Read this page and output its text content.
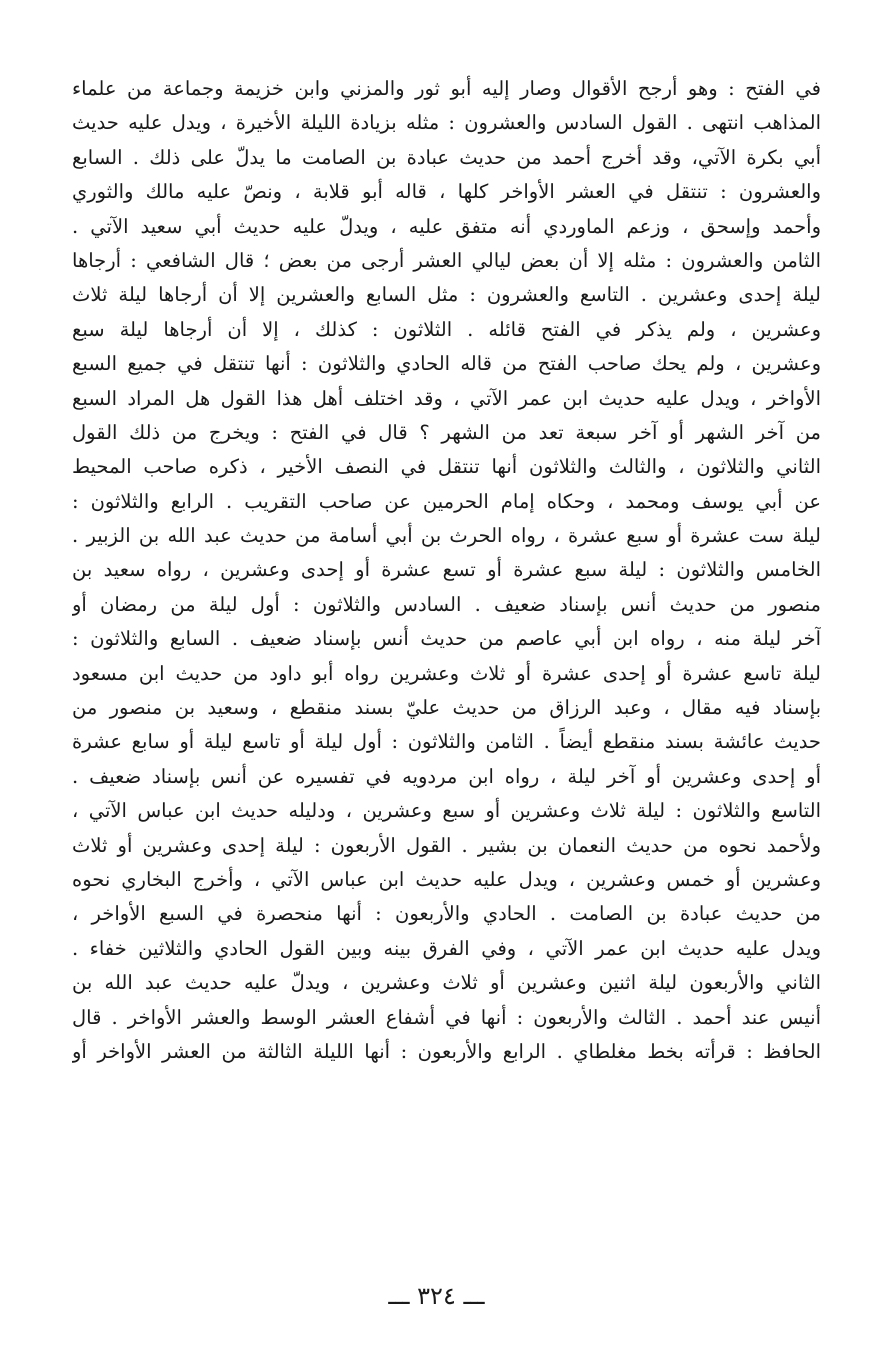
في الفتح : وهو أرجح الأقوال وصار إليه أبو ثور والمزني وابن خزيمة وجماعة من علماء
المذاهب انتهى . القول السادس والعشرون : مثله بزيادة الليلة الأخيرة ، ويدل عليه حديث
أبي بكرة الآتي، وقد أخرج أحمد من حديث عبادة بن الصامت ما يدلّ على ذلك . السابع
والعشرون : تنتقل في العشر الأواخر كلها ، قاله أبو قلابة ، ونصّ عليه مالك والثوري
وأحمد وإسحق ، وزعم الماوردي أنه متفق عليه ، ويدلّ عليه حديث أبي سعيد الآتي .
الثامن والعشرون : مثله إلا أن بعض ليالي العشر أرجى من بعض ؛ قال الشافعي : أرجاها
ليلة إحدى وعشرين . التاسع والعشرون : مثل السابع والعشرين إلا أن أرجاها ليلة ثلاث
وعشرين ، ولم يذكر في الفتح قائله . الثلاثون : كذلك ، إلا أن أرجاها ليلة سبع
وعشرين ، ولم يحك صاحب الفتح من قاله الحادي والثلاثون : أنها تنتقل في جميع السبع
الأواخر ، ويدل عليه حديث ابن عمر الآتي ، وقد اختلف أهل هذا القول هل المراد السبع
من آخر الشهر أو آخر سبعة تعد من الشهر ؟ قال في الفتح : ويخرج من ذلك القول
الثاني والثلاثون ، والثالث والثلاثون أنها تنتقل في النصف الأخير ، ذكره صاحب المحيط
عن أبي يوسف ومحمد ، وحكاه إمام الحرمين عن صاحب التقريب . الرابع والثلاثون :
ليلة ست عشرة أو سبع عشرة ، رواه الحرث بن أبي أسامة من حديث عبد الله بن الزبير .
الخامس والثلاثون : ليلة سبع عشرة أو تسع عشرة أو إحدى وعشرين ، رواه سعيد بن
منصور من حديث أنس بإسناد ضعيف . السادس والثلاثون : أول ليلة من رمضان أو
آخر ليلة منه ، رواه ابن أبي عاصم من حديث أنس بإسناد ضعيف . السابع والثلاثون :
ليلة تاسع عشرة أو إحدى عشرة أو ثلاث وعشرين رواه أبو داود من حديث ابن مسعود
بإسناد فيه مقال ، وعبد الرزاق من حديث عليّ بسند منقطع ، وسعيد بن منصور من
حديث عائشة بسند منقطع أيضاً . الثامن والثلاثون : أول ليلة أو تاسع ليلة أو سابع عشرة
أو إحدى وعشرين أو آخر ليلة ، رواه ابن مردويه في تفسيره عن أنس بإسناد ضعيف .
التاسع والثلاثون : ليلة ثلاث وعشرين أو سبع وعشرين ، ودليله حديث ابن عباس الآتي ،
ولأحمد نحوه من حديث النعمان بن بشير . القول الأربعون : ليلة إحدى وعشرين أو ثلاث
وعشرين أو خمس وعشرين ، ويدل عليه حديث ابن عباس الآتي ، وأخرج البخاري نحوه
من حديث عبادة بن الصامت . الحادي والأربعون : أنها منحصرة في السبع الأواخر ،
ويدل عليه حديث ابن عمر الآتي ، وفي الفرق بينه وبين القول الحادي والثلاثين خفاء .
الثاني والأربعون ليلة اثنين وعشرين أو ثلاث وعشرين ، ويدلّ عليه حديث عبد الله بن
أنيس عند أحمد . الثالث والأربعون : أنها في أشفاع العشر الوسط والعشر الأواخر . قال
الحافظ : قرأته بخط مغلطاي . الرابع والأربعون : أنها الليلة الثالثة من العشر الأواخر أو
ـــ ٣٢٤ ـــ
